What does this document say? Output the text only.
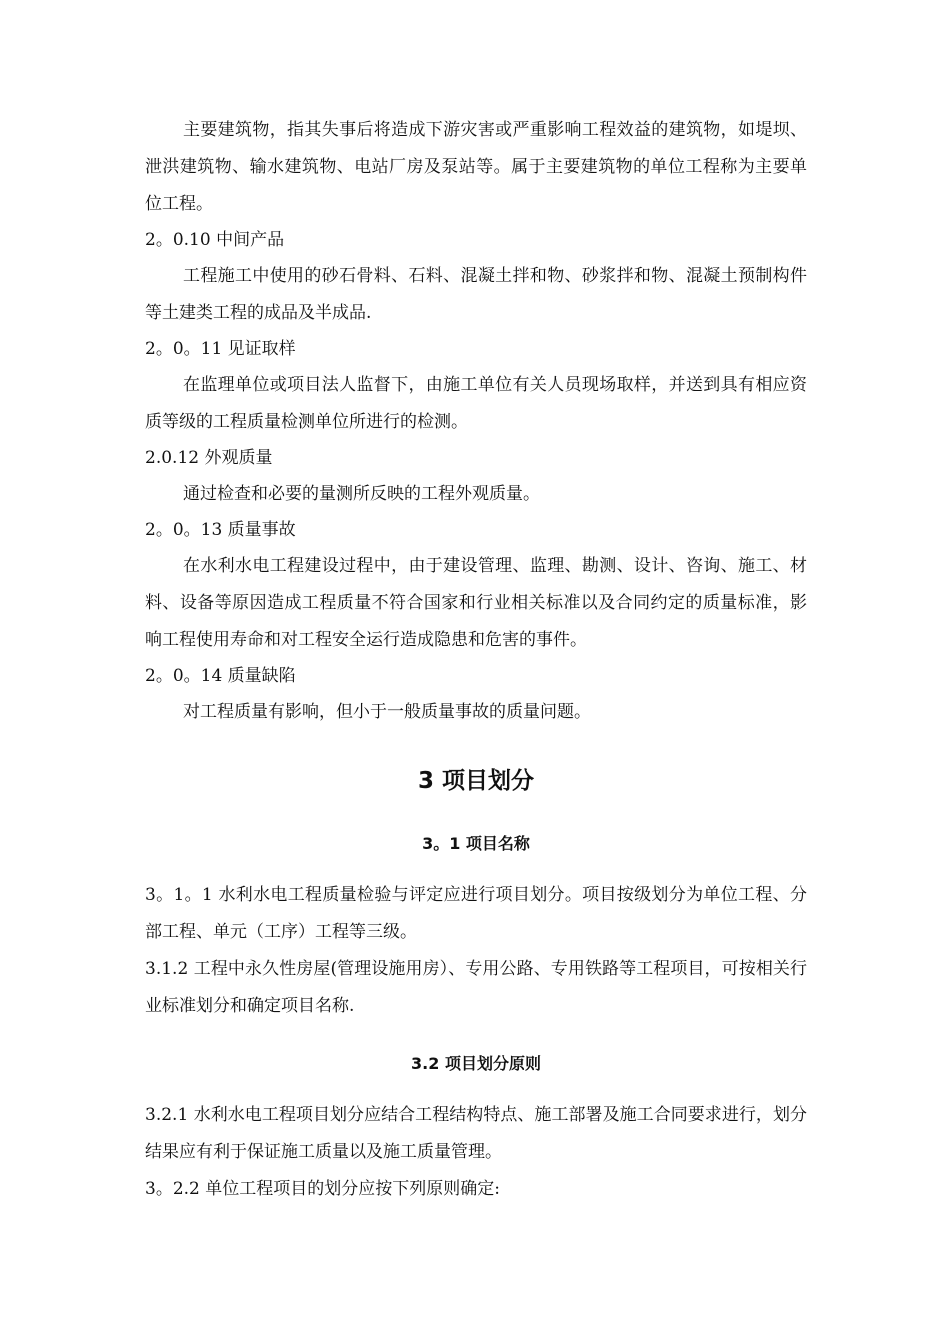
主要建筑物，指其失事后将造成下游灾害或严重影响工程效益的建筑物，如堤坝、泄洪建筑物、输水建筑物、电站厂房及泵站等。属于主要建筑物的单位工程称为主要单位工程。

2。0.10 中间产品

工程施工中使用的砂石骨料、石料、混凝土拌和物、砂浆拌和物、混凝土预制构件等土建类工程的成品及半成品.

2。0。11 见证取样

在监理单位或项目法人监督下，由施工单位有关人员现场取样，并送到具有相应资质等级的工程质量检测单位所进行的检测。

2.0.12 外观质量

通过检查和必要的量测所反映的工程外观质量。

2。0。13 质量事故

在水利水电工程建设过程中，由于建设管理、监理、勘测、设计、咨询、施工、材料、设备等原因造成工程质量不符合国家和行业相关标准以及合同约定的质量标准，影响工程使用寿命和对工程安全运行造成隐患和危害的事件。

2。0。14 质量缺陷

对工程质量有影响，但小于一般质量事故的质量问题。

3 项目划分
3。1 项目名称

3。1。1 水利水电工程质量检验与评定应进行项目划分。项目按级划分为单位工程、分部工程、单元（工序）工程等三级。

3.1.2 工程中永久性房屋(管理设施用房）、专用公路、专用铁路等工程项目，可按相关行业标准划分和确定项目名称.

3.2 项目划分原则

3.2.1 水利水电工程项目划分应结合工程结构特点、施工部署及施工合同要求进行，划分结果应有利于保证施工质量以及施工质量管理。

3。2.2 单位工程项目的划分应按下列原则确定:
